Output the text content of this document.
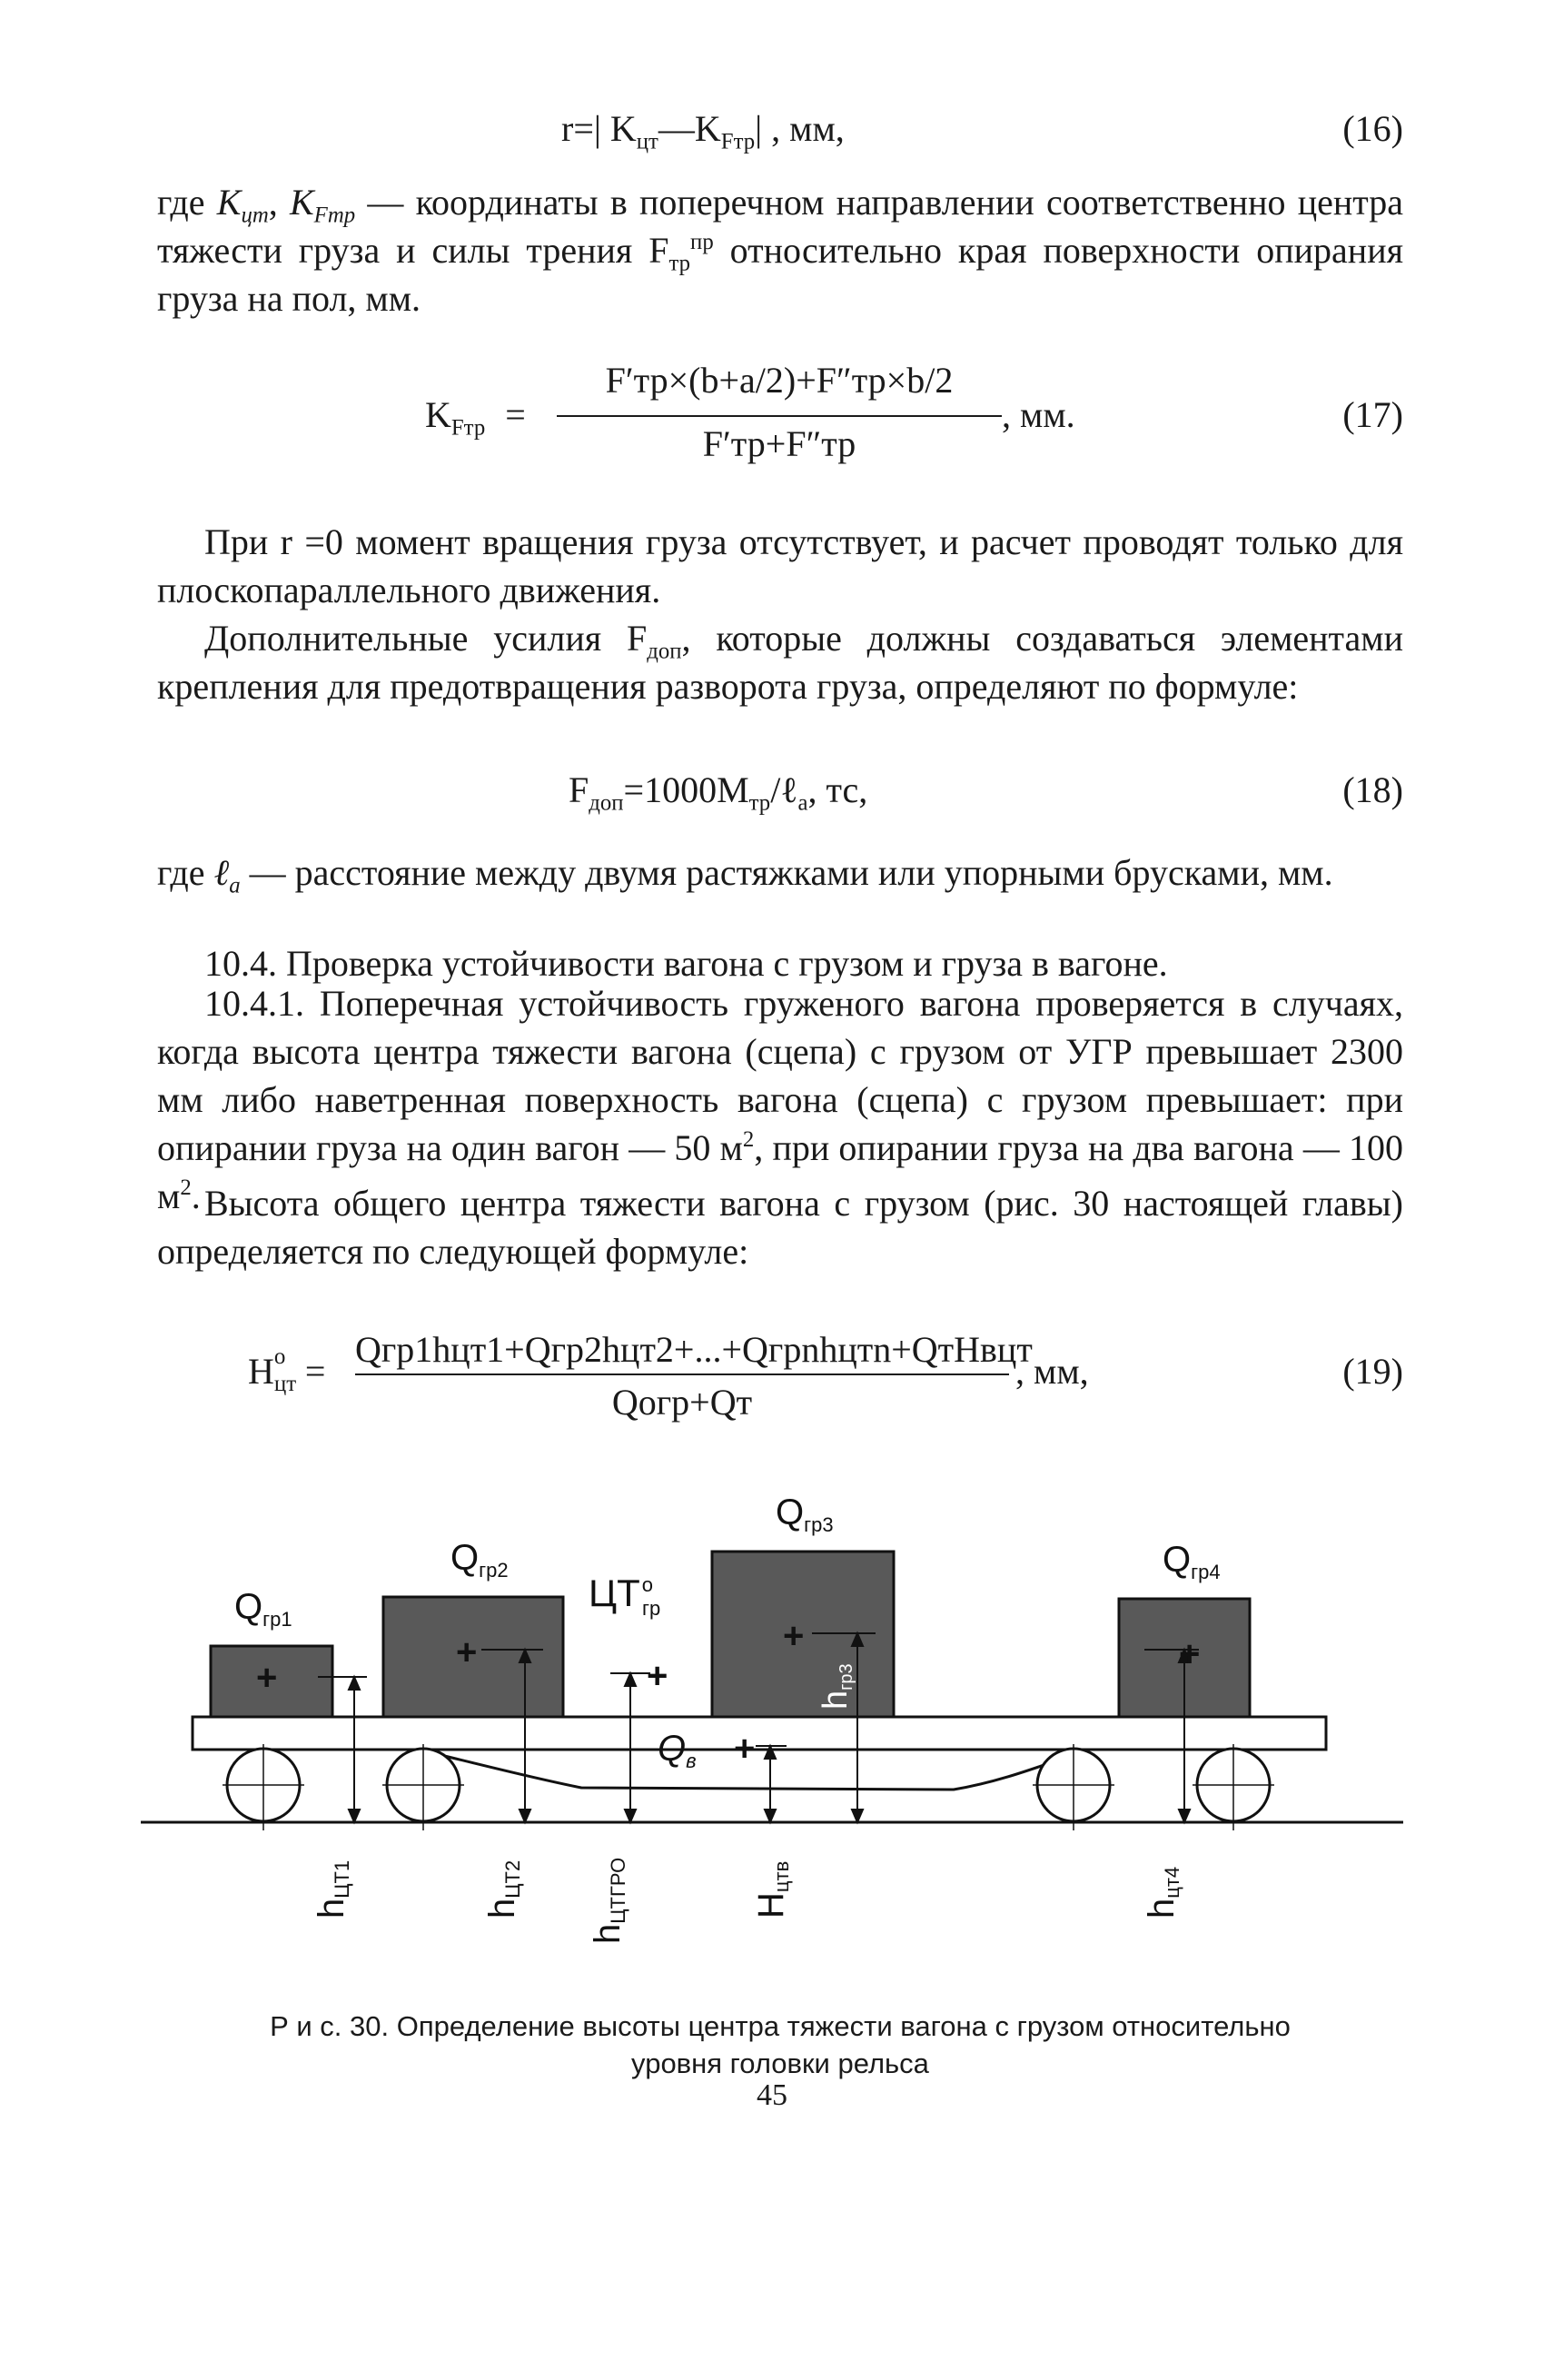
r=| $K_{цт}—K_{Fтр}|$ , мм,	(16)

где $K_{цт}$, $K_{Fтр}$ — координаты в поперечном направлении соответственно центра тяжести груза и силы трения $F_{тр}^{пр}$ относительно края поверхности опирания груза на пол, мм.

$K_{Fтр}$ =
F′тр×(b+a/2)+F″тр×b/2
F′тр+F″тр
, мм.	(17)

При r =0 момент вращения груза отсутствует, и расчет проводят только для плоскопараллельного движения.

Дополнительные усилия $F_{доп}$, которые должны создаваться элементами крепления для предотвращения разворота груза, определяют по формуле:

$F_{доп}=1000M_{тр}/\ell_а$, тс,	(18)

где ℓ$_а$ — расстояние между двумя растяжками или упорными брусками, мм.

10.4. Проверка устойчивости вагона с грузом и груза в вагоне.

10.4.1. Поперечная устойчивость груженого вагона проверяется в случаях, когда высота центра тяжести вагона (сцепа) с грузом от УГР превышает 2300 мм либо наветренная поверхность вагона (сцепа) с грузом превышает: при опирании груза на один вагон — 50 $м^2$, при опирании груза на два вагона — 100 $м^2$. Высота общего центра тяжести вагона с грузом (рис. 30 настоящей главы) определяется по следующей формуле:

H о
цт =
Qгр1hцт1+Qгр2hцт2+...+Qгрnhцтn+QтHвцт
Qогр+Qт
, мм,	(19)
+
+	+	+
+
+
$Q_{гр1}$
$Q_{гр2}$
$Q_{гр3}$
$Q_{гр4}$
$ЦТ^о$ гр
$Q_в$
hЦТ1
hЦТ2
hЦТГРО	Hцтв
hцт4
hгр3
Р и с. 30. Определение высоты центра тяжести вагона с грузом относительно
уровня головки рельса
45
